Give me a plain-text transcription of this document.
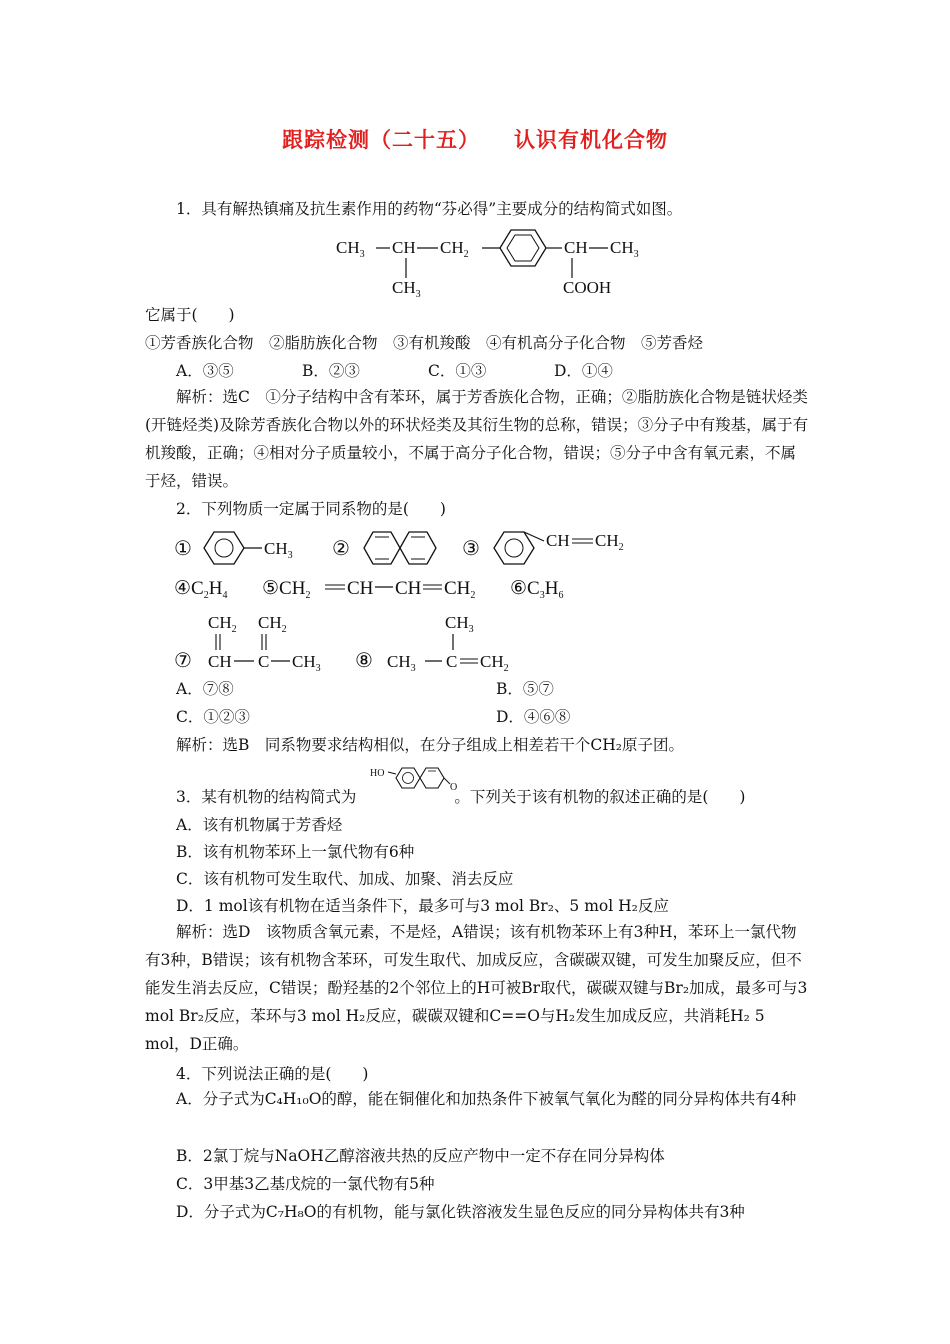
跟踪检测（二十五） 认识有机化合物
1．具有解热镇痛及抗生素作用的药物“芬必得”主要成分的结构简式如图。
$CH_3$ CH $CH_2$
$CH_3$
CH $CH_3$
COOH
它属于(　　)
①芳香族化合物　②脂肪族化合物　③有机羧酸　④有机高分子化合物　⑤芳香烃
A．③⑤	B．②③	C．①③	D．①④
解析：选C　①分子结构中含有苯环，属于芳香族化合物，正确；②脂肪族化合物是链状烃类(开链烃类)及除芳香族化合物以外的环状烃类及其衍生物的总称，错误；③分子中有羧基，属于有机羧酸，正确；④相对分子质量较小，不属于高分子化合物，错误；⑤分子中含有氧元素，不属于烃，错误。
2．下列物质一定属于同系物的是(　　)
①	$CH_3$ ②	③	CH $CH_2$
$④C_2H_4$ $⑤CH_2$ CH CH $CH_2$ $⑥C_3H_6$
$CH_2$ $CH_2$
⑦ CH C $CH_3$
$CH_3$
⑧ $CH_3$ C $CH_2$
A．⑦⑧	B．⑤⑦
C．①②③	D．④⑥⑧
解析：选B　同系物要求结构相似，在分子组成上相差若干个CH₂原子团。
3．某有机物的结构简式为	。下列关于该有机物的叙述正确的是(　　)
HO
O
A．该有机物属于芳香烃
B．该有机物苯环上一氯代物有6种
C．该有机物可发生取代、加成、加聚、消去反应
D．1 mol该有机物在适当条件下，最多可与3 mol Br₂、5 mol H₂反应
解析：选D　该物质含氧元素，不是烃，A错误；该有机物苯环上有3种H，苯环上一氯代物有3种，B错误；该有机物含苯环，可发生取代、加成反应，含碳碳双键，可发生加聚反应，但不能发生消去反应，C错误；酚羟基的2个邻位上的H可被Br取代，碳碳双键与Br₂加成，最多可与3 mol Br₂反应，苯环与3 mol H₂反应，碳碳双键和C==O与H₂发生加成反应，共消耗H₂ 5 mol，D正确。
4．下列说法正确的是(　　)
A．分子式为C₄H₁₀O的醇，能在铜催化和加热条件下被氧气氧化为醛的同分异构体共有4种
B．2氯丁烷与NaOH乙醇溶液共热的反应产物中一定不存在同分异构体
C．3甲基3乙基戊烷的一氯代物有5种
D．分子式为C₇H₈O的有机物，能与氯化铁溶液发生显色反应的同分异构体共有3种
